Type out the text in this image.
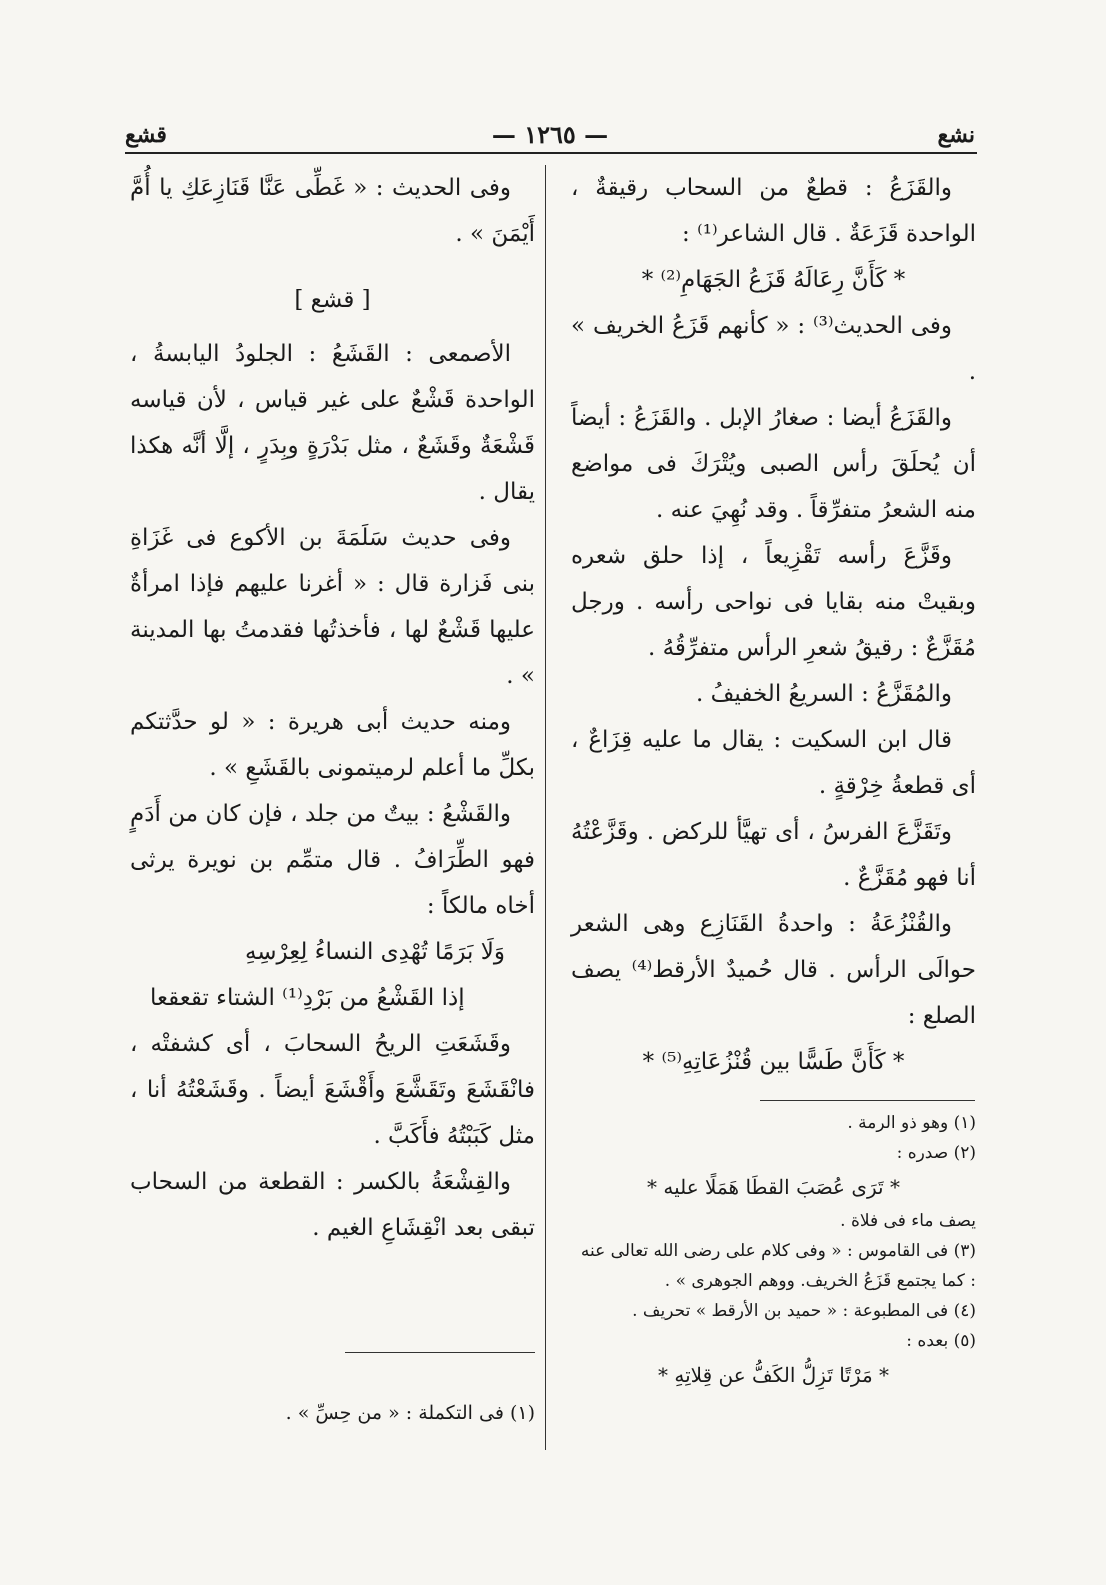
نشع
— ١٢٦٥ —
قشع

والقَزَعُ : قطعٌ من السحاب رقيقةٌ ، الواحدة قَزَعَةٌ . قال الشاعر⁽¹⁾ :

* كَأَنَّ رِعَالَهُ قَزَعُ الجَهَامِ⁽²⁾ *

وفى الحديث⁽³⁾ : « كأنهم قَزَعُ الخريف » .

والقَزَعُ أيضا : صغارُ الإبل . والقَزَعُ : أيضاً أن يُحلَقَ رأس الصبى ويُتْرَكَ فى مواضع منه الشعرُ متفرِّقاً . وقد نُهِيَ عنه .

وقَزَّعَ رأسه تَقْزِيعاً ، إذا حلق شعره وبقيتْ منه بقايا فى نواحى رأسه . ورجل مُقَزَّعٌ : رقيقُ شعرِ الرأس متفرِّقُهُ .

والمُقَزَّعُ : السريعُ الخفيفُ .

قال ابن السكيت : يقال ما عليه قِزَاعٌ ، أى قطعةُ خِرْقةٍ .

وتَقَزَّعَ الفرسُ ، أى تهيَّأ للركض . وقَزَّعْتُهُ أنا فهو مُقَزَّعٌ .

والقُنْزُعَةُ : واحدةُ القَنَازِع وهى الشعر حوالَى الرأس . قال حُميدٌ الأرقط⁽⁴⁾ يصف الصلع :

* كَأَنَّ طَسًّا بين قُنْزُعَاتِهِ⁽⁵⁾ *

(١) وهو ذو الرمة .

(٢) صدره :

* تَرَى عُصَبَ القطَا هَمَلًا عليه *

يصف ماء فى فلاة .

(٣) فى القاموس : « وفى كلام على رضى الله تعالى عنه : كما يجتمع قَزَعُ الخريف. ووهم الجوهرى » .

(٤) فى المطبوعة : « حميد بن الأرقط » تحريف .

(٥) بعده :

* مَرْتًا تَزِلُّ الكَفُّ عن قِلاتِهِ *

وفى الحديث : « غَطِّى عَنَّا قَنَازِعَكِ يا أُمَّ أَيْمَنَ » .

[ قشع ]

الأصمعى : القَشَعُ : الجلودُ اليابسةُ ، الواحدة قَشْعٌ على غير قياس ، لأن قياسه قَشْعَةٌ وقَشَعٌ ، مثل بَدْرَةٍ وبِدَرٍ ، إلَّا أنَّه هكذا يقال .

وفى حديث سَلَمَةَ بن الأكوع فى غَزَاةِ بنى فَزارة قال : « أغرنا عليهم فإذا امرأةٌ عليها قَشْعٌ لها ، فأخذتُها فقدمتُ بها المدينة » .

ومنه حديث أبى هريرة : « لو حدَّثتكم بكلِّ ما أعلم لرميتمونى بالقَشَعِ » .

والقَشْعُ : بيتٌ من جلد ، فإن كان من أَدَمٍ فهو الطِّرَافُ . قال متمِّم بن نويرة يرثى أخاه مالكاً :

وَلَا بَرَمًا تُهْدِى النساءُ لِعِرْسِهِ

إذا القَشْعُ من بَرْدِ⁽¹⁾ الشتاء تقعقعا

وقَشَعَتِ الريحُ السحابَ ، أى كشفتْه ، فانْقَشَعَ وتَقَشَّعَ وأَقْشَعَ أيضاً . وقَشَعْتُهُ أنا ، مثل كَبَبْتُهُ فأَكَبَّ .

والقِشْعَةُ بالكسر : القطعة من السحاب تبقى بعد انْقِشَاعِ الغيم .

(١) فى التكملة : « من حِسِّ » .
